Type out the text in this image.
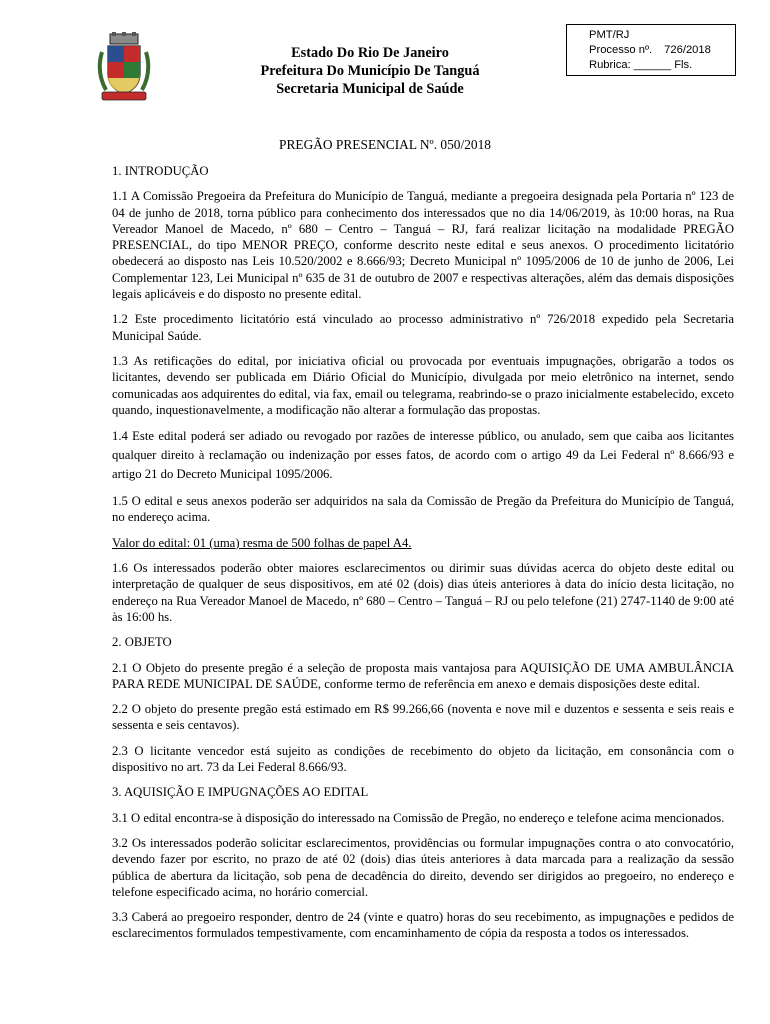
Estado Do Rio De Janeiro
Prefeitura Do Município De Tanguá
Secretaria Municipal de Saúde
PMT/RJ
Processo nº. 726/2018
Rubrica: ______ Fls.
PREGÃO PRESENCIAL Nº. 050/2018

1. INTRODUÇÃO

1.1 A Comissão Pregoeira da Prefeitura do Município de Tanguá, mediante a pregoeira designada pela Portaria nº 123 de 04 de junho de 2018, torna público para conhecimento dos interessados que no dia 14/06/2019, às 10:00 horas, na Rua Vereador Manoel de Macedo, nº 680 – Centro – Tanguá – RJ, fará realizar licitação na modalidade PREGÃO PRESENCIAL, do tipo MENOR PREÇO, conforme descrito neste edital e seus anexos. O procedimento licitatório obedecerá ao disposto nas Leis 10.520/2002 e 8.666/93; Decreto Municipal nº 1095/2006 de 10 de junho de 2006, Lei Complementar 123, Lei Municipal nº 635 de 31 de outubro de 2007 e respectivas alterações, além das demais disposições legais aplicáveis e do disposto no presente edital.

1.2 Este procedimento licitatório está vinculado ao processo administrativo nº 726/2018 expedido pela Secretaria Municipal Saúde.

1.3 As retificações do edital, por iniciativa oficial ou provocada por eventuais impugnações, obrigarão a todos os licitantes, devendo ser publicada em Diário Oficial do Município, divulgada por meio eletrônico na internet, sendo comunicadas aos adquirentes do edital, via fax, email ou telegrama, reabrindo-se o prazo inicialmente estabelecido, exceto quando, inquestionavelmente, a modificação não alterar a formulação das propostas.

1.4 Este edital poderá ser adiado ou revogado por razões de interesse público, ou anulado, sem que caiba aos licitantes qualquer direito à reclamação ou indenização por esses fatos, de acordo com o artigo 49 da Lei Federal nº 8.666/93 e artigo 21 do Decreto Municipal 1095/2006.

1.5 O edital e seus anexos poderão ser adquiridos na sala da Comissão de Pregão da Prefeitura do Município de Tanguá, no endereço acima.

Valor do edital: 01 (uma) resma de 500 folhas de papel A4.

1.6 Os interessados poderão obter maiores esclarecimentos ou dirimir suas dúvidas acerca do objeto deste edital ou interpretação de qualquer de seus dispositivos, em até 02 (dois) dias úteis anteriores à data do início desta licitação, no endereço na Rua Vereador Manoel de Macedo, nº 680 – Centro – Tanguá – RJ ou pelo telefone (21) 2747-1140 de 9:00 até às 16:00 hs.

2. OBJETO

2.1 O Objeto do presente pregão é a seleção de proposta mais vantajosa para AQUISIÇÃO DE UMA AMBULÂNCIA PARA REDE MUNICIPAL DE SAÚDE, conforme termo de referência em anexo e demais disposições deste edital.

2.2 O objeto do presente pregão está estimado em R$ 99.266,66 (noventa e nove mil e duzentos e sessenta e seis reais e sessenta e seis centavos).

2.3 O licitante vencedor está sujeito as condições de recebimento do objeto da licitação, em consonância com o dispositivo no art. 73 da Lei Federal 8.666/93.

3. AQUISIÇÃO E IMPUGNAÇÕES AO EDITAL

3.1 O edital encontra-se à disposição do interessado na Comissão de Pregão, no endereço e telefone acima mencionados.

3.2 Os interessados poderão solicitar esclarecimentos, providências ou formular impugnações contra o ato convocatório, devendo fazer por escrito, no prazo de até 02 (dois) dias úteis anteriores à data marcada para a realização da sessão pública de abertura da licitação, sob pena de decadência do direito, devendo ser dirigidos ao pregoeiro, no endereço e telefone especificado acima, no horário comercial.

3.3 Caberá ao pregoeiro responder, dentro de 24 (vinte e quatro) horas do seu recebimento, as impugnações e pedidos de esclarecimentos formulados tempestivamente, com encaminhamento de cópia da resposta a todos os interessados.
